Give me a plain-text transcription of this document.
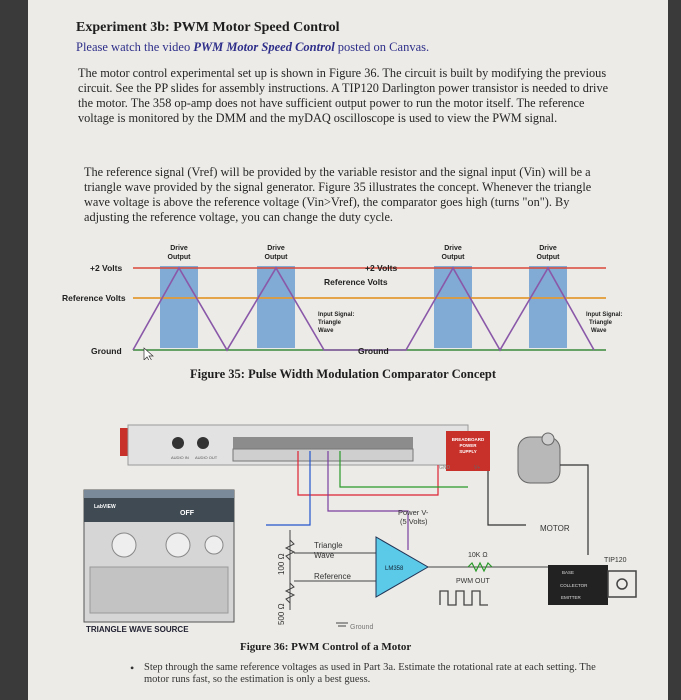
Experiment 3b: PWM Motor Speed Control
Please watch the video PWM Motor Speed Control posted on Canvas.
The motor control experimental set up is shown in Figure 36. The circuit is built by modifying the previous circuit. See the PP slides for assembly instructions. A TIP120 Darlington power transistor is needed to drive the motor. The 358 op-amp does not have sufficient output power to run the motor itself. The reference voltage is monitored by the DMM and the myDAQ oscilloscope is used to view the PWM signal.
The reference signal (Vref) will be provided by the variable resistor and the signal input (Vin) will be a triangle wave provided by the signal generator. Figure 35 illustrates the concept. Whenever the triangle wave voltage is above the reference voltage (Vin>Vref), the comparator goes high (turns "on"). By adjusting the reference voltage, you can change the duty cycle.
Drive
Output
Drive
Output
Drive
Output
Drive
Output
+2 Volts	+2 Volts
Reference Volts
Reference Volts
Ground	Ground
Input Signal:
Triangle
Wave
Input Signal:
Triangle
Wave
Figure 35: Pulse Width Modulation Comparator Concept
AUDIO IN AUDIO OUT
BREADBOARD
POWER
SUPPLY
GND	V+
LabVIEW
OFF
TRIANGLE WAVE SOURCE
100 Ω
500 Ω
Triangle
Wave
Reference
LM358
Power V-
(5 Volts)
10K Ω
PWM OUT
TIP120
BASE
COLLECTOR
EMITTER
MOTOR
Ground
Figure 36: PWM Control of a Motor
• Step through the same reference voltages as used in Part 3a. Estimate the rotational rate at each setting. The motor runs fast, so the estimation is only a best guess.
